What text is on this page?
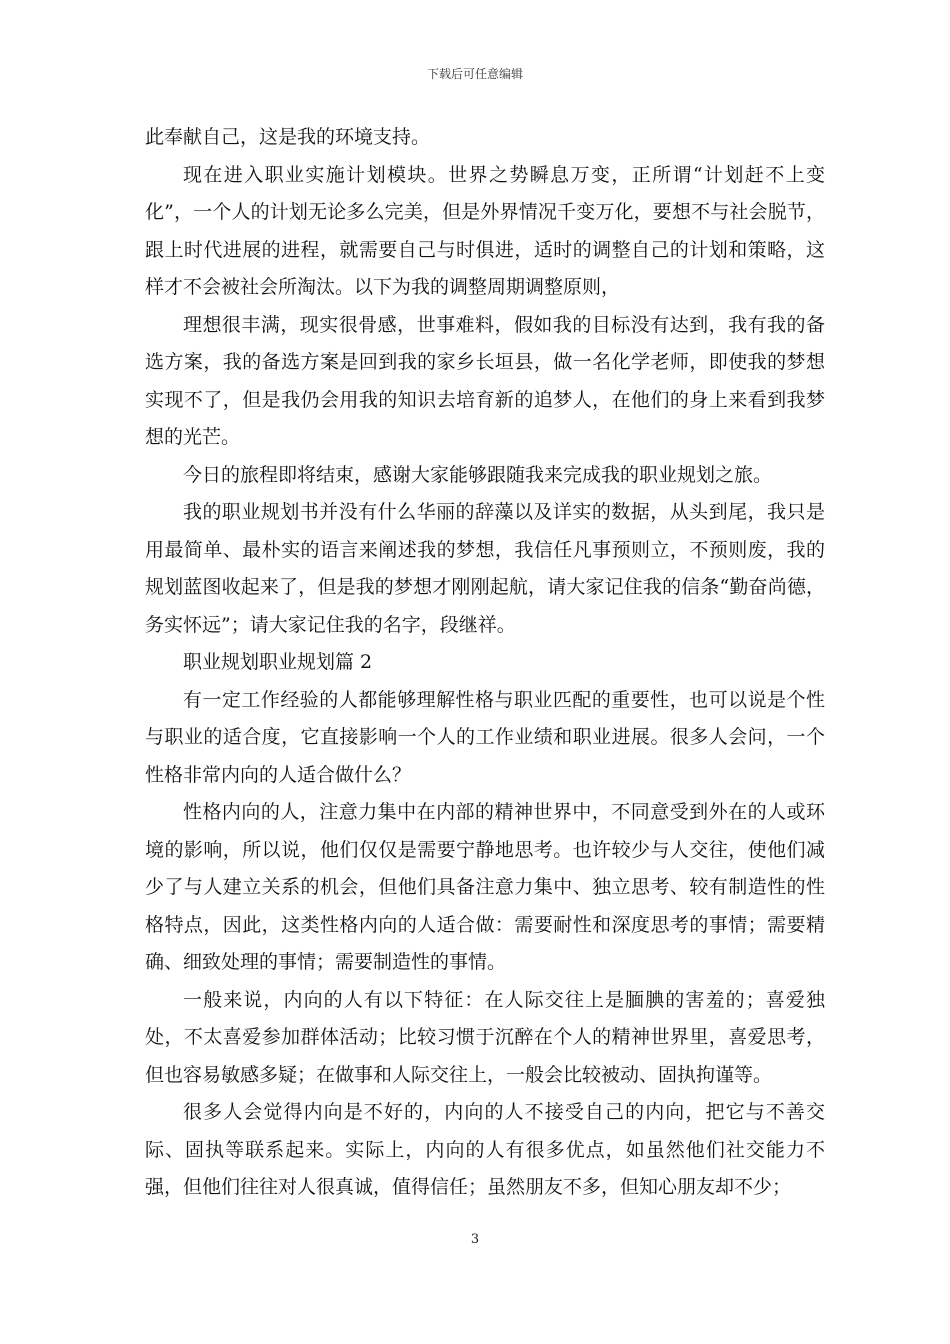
下载后可任意编辑

此奉献自己，这是我的环境支持。

现在进入职业实施计划模块。世界之势瞬息万变，正所谓“计划赶不上变化”，一个人的计划无论多么完美，但是外界情况千变万化，要想不与社会脱节，跟上时代进展的进程，就需要自己与时俱进，适时的调整自己的计划和策略，这样才不会被社会所淘汰。以下为我的调整周期调整原则，

理想很丰满，现实很骨感，世事难料，假如我的目标没有达到，我有我的备选方案，我的备选方案是回到我的家乡长垣县，做一名化学老师，即使我的梦想实现不了，但是我仍会用我的知识去培育新的追梦人，在他们的身上来看到我梦想的光芒。

今日的旅程即将结束，感谢大家能够跟随我来完成我的职业规划之旅。

我的职业规划书并没有什么华丽的辞藻以及详实的数据，从头到尾，我只是用最简单、最朴实的语言来阐述我的梦想，我信任凡事预则立，不预则废，我的规划蓝图收起来了，但是我的梦想才刚刚起航，请大家记住我的信条“勤奋尚德，务实怀远”；请大家记住我的名字，段继祥。

职业规划职业规划篇 2

有一定工作经验的人都能够理解性格与职业匹配的重要性，也可以说是个性与职业的适合度，它直接影响一个人的工作业绩和职业进展。很多人会问，一个性格非常内向的人适合做什么？

性格内向的人，注意力集中在内部的精神世界中，不同意受到外在的人或环境的影响，所以说，他们仅仅是需要宁静地思考。也许较少与人交往，使他们减少了与人建立关系的机会，但他们具备注意力集中、独立思考、较有制造性的性格特点，因此，这类性格内向的人适合做：需要耐性和深度思考的事情；需要精确、细致处理的事情；需要制造性的事情。

一般来说，内向的人有以下特征：在人际交往上是腼腆的害羞的；喜爱独处，不太喜爱参加群体活动；比较习惯于沉醉在个人的精神世界里，喜爱思考，但也容易敏感多疑；在做事和人际交往上，一般会比较被动、固执拘谨等。

很多人会觉得内向是不好的，内向的人不接受自己的内向，把它与不善交际、固执等联系起来。实际上，内向的人有很多优点，如虽然他们社交能力不强，但他们往往对人很真诚，值得信任；虽然朋友不多，但知心朋友却不少；

3
